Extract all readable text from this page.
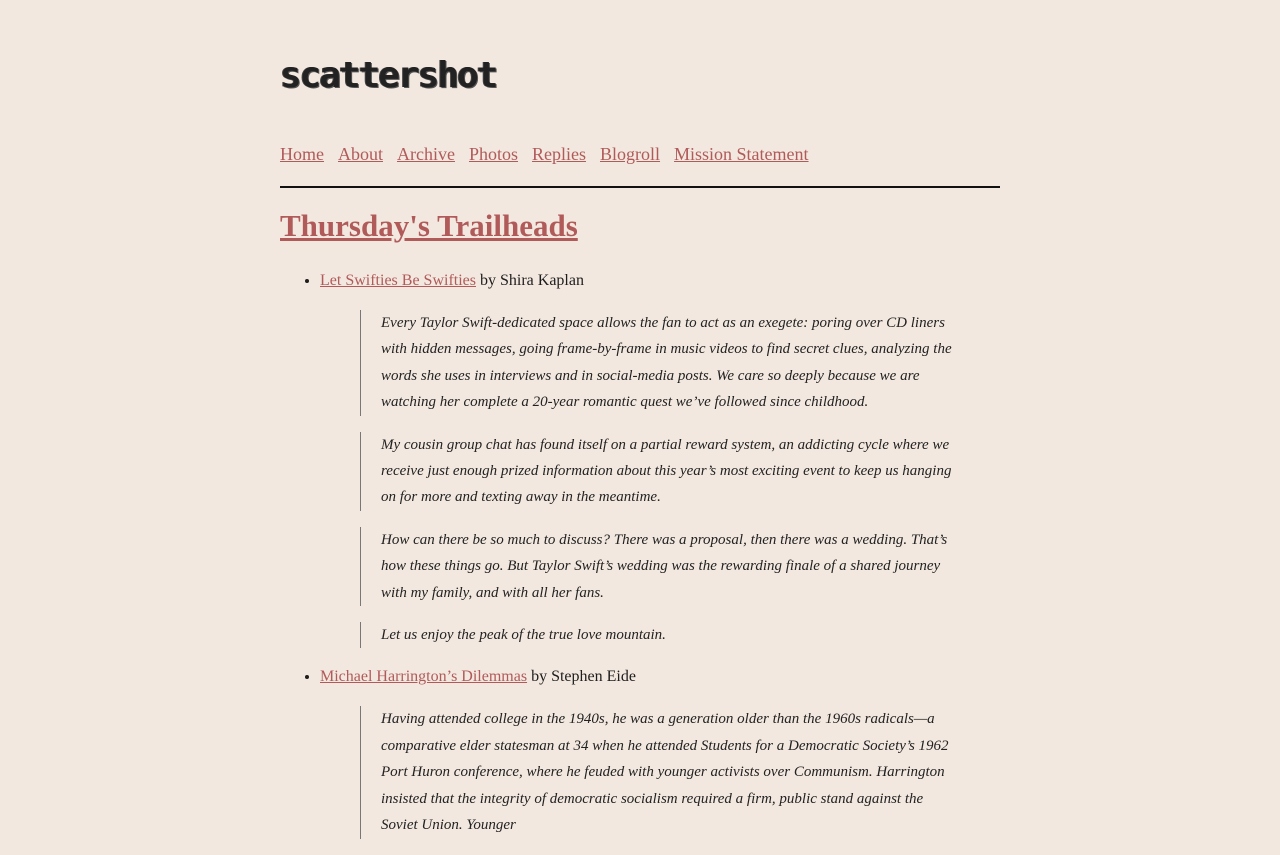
scattershot
Home About Archive Photos Replies Blogroll Mission Statement
Thursday's Trailheads
• Let Swifties Be Swifties by Shira Kaplan
Every Taylor Swift-dedicated space allows the fan to act as an exegete: poring over CD liners with hidden messages, going frame-by-frame in music videos to find secret clues, analyzing the words she uses in interviews and in social-media posts. We care so deeply because we are watching her complete a 20-year romantic quest we’ve followed since childhood.
My cousin group chat has found itself on a partial reward system, an addicting cycle where we receive just enough prized information about this year’s most exciting event to keep us hanging on for more and texting away in the meantime.
How can there be so much to discuss? There was a proposal, then there was a wedding. That’s how these things go. But Taylor Swift’s wedding was the rewarding finale of a shared journey with my family, and with all her fans.
Let us enjoy the peak of the true love mountain.
• Michael Harrington’s Dilemmas by Stephen Eide
Having attended college in the 1940s, he was a generation older than the 1960s radicals—a comparative elder statesman at 34 when he attended Students for a Democratic Society’s 1962 Port Huron conference, where he feuded with younger activists over Communism. Harrington insisted that the integrity of democratic socialism required a firm, public stand against the Soviet Union. Younger
